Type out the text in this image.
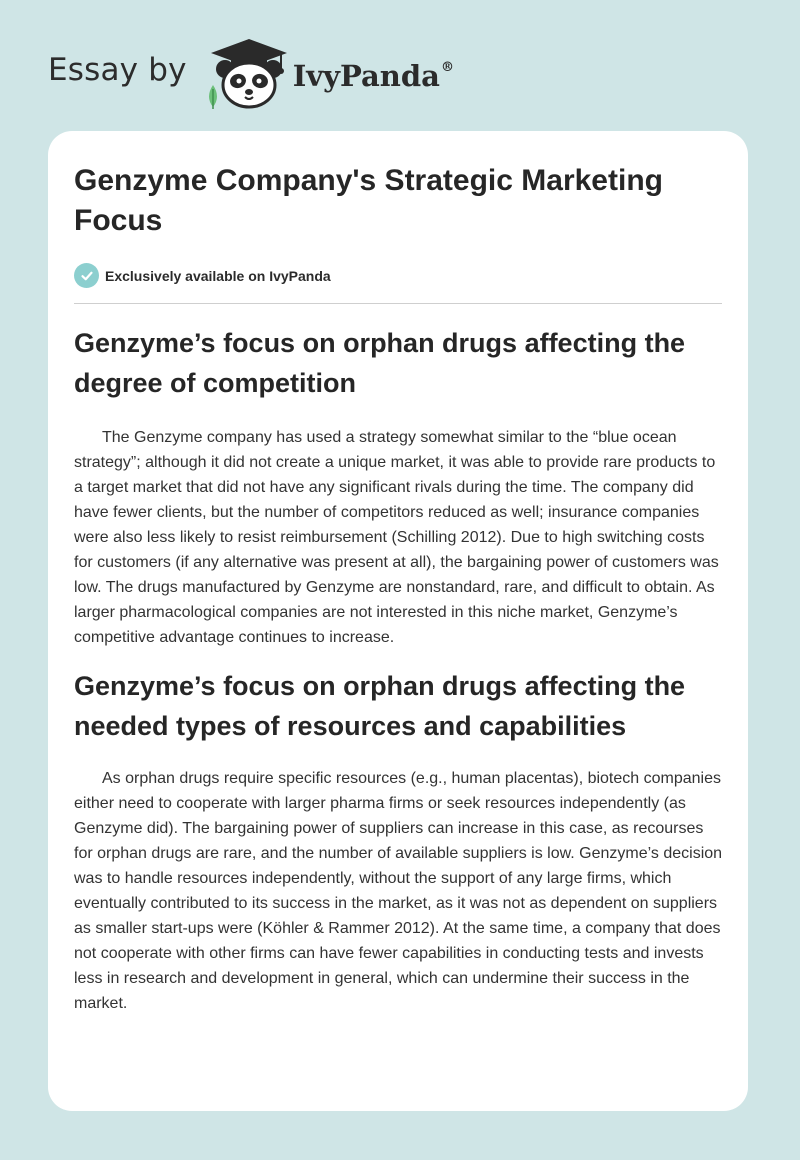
Essay by	IvyPanda®
Genzyme Company's Strategic Marketing Focus
Exclusively available on IvyPanda
Genzyme’s focus on orphan drugs affecting the degree of competition

The Genzyme company has used a strategy somewhat similar to the “blue ocean strategy”; although it did not create a unique market, it was able to provide rare products to a target market that did not have any significant rivals during the time. The company did have fewer clients, but the number of competitors reduced as well; insurance companies were also less likely to resist reimbursement (Schilling 2012). Due to high switching costs for customers (if any alternative was present at all), the bargaining power of customers was low. The drugs manufactured by Genzyme are nonstandard, rare, and difficult to obtain. As larger pharmacological companies are not interested in this niche market, Genzyme’s competitive advantage continues to increase.

Genzyme’s focus on orphan drugs affecting the needed types of resources and capabilities

As orphan drugs require specific resources (e.g., human placentas), biotech companies either need to cooperate with larger pharma firms or seek resources independently (as Genzyme did). The bargaining power of suppliers can increase in this case, as recourses for orphan drugs are rare, and the number of available suppliers is low. Genzyme’s decision was to handle resources independently, without the support of any large firms, which eventually contributed to its success in the market, as it was not as dependent on suppliers as smaller start-ups were (Köhler & Rammer 2012). At the same time, a company that does not cooperate with other firms can have fewer capabilities in conducting tests and invests less in research and development in general, which can undermine their success in the market.
